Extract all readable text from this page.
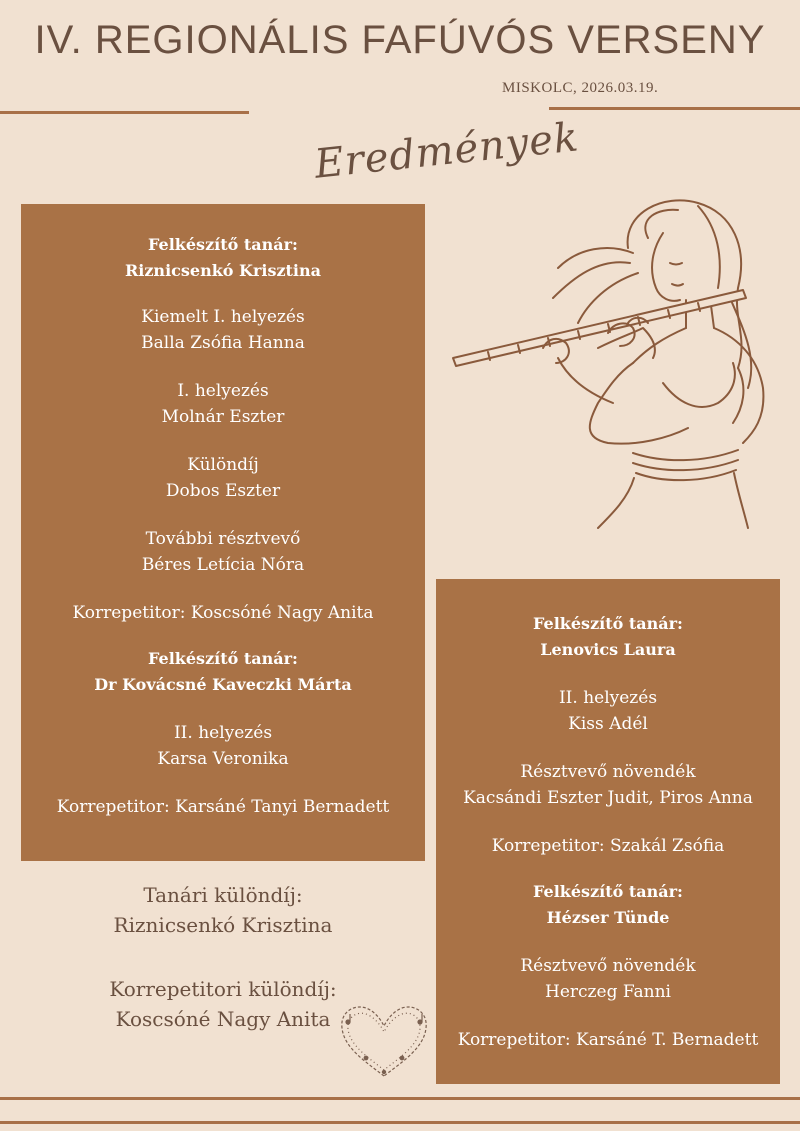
IV. REGIONÁLIS FAFÚVÓS VERSENY
MISKOLC, 2026.03.19.
Eredmények
Felkészítő tanár:
Riznicsenkó Krisztina
Kiemelt I. helyezés
Balla Zsófia Hanna
I. helyezés
Molnár Eszter
Különdíj
Dobos Eszter
További résztvevő
Béres Letícia Nóra
Korrepetitor: Koscsóné Nagy Anita
Felkészítő tanár:
Dr Kovácsné Kaveczki Márta
II. helyezés
Karsa Veronika
Korrepetitor: Karsáné Tanyi Bernadett
Tanári különdíj:
Riznicsenkó Krisztina
Korrepetitori különdíj:
Koscsóné Nagy Anita
Felkészítő tanár:
Lenovics Laura
II. helyezés
Kiss Adél
Résztvevő növendék
Kacsándi Eszter Judit, Piros Anna
Korrepetitor: Szakál Zsófia
Felkészítő tanár:
Hézser Tünde
Résztvevő növendék
Herczeg Fanni
Korrepetitor: Karsáné T. Bernadett
